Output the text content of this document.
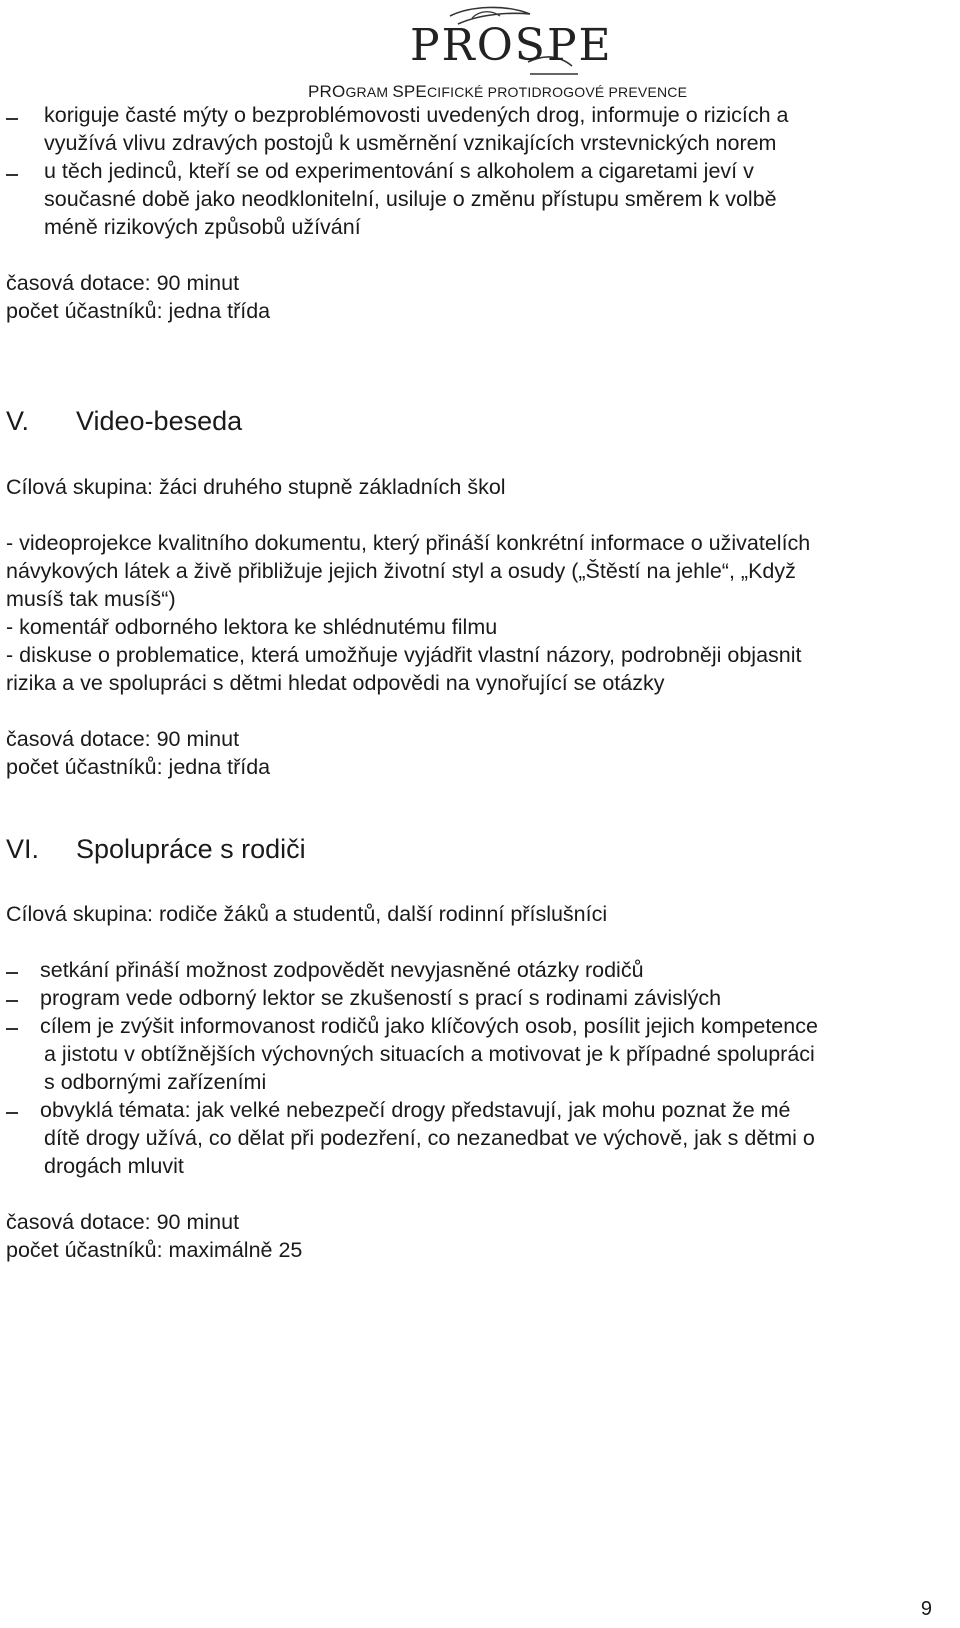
PROSPE
PROGRAM SPECIFICKÉ PROTIDROGOVÉ PREVENCE
koriguje časté mýty o bezproblémovosti uvedených drog, informuje o rizicích a
využívá vlivu zdravých postojů k usměrnění vznikajících vrstevnických norem
u těch jedinců, kteří se od experimentování s alkoholem a cigaretami jeví v
současné době jako neodklonitelní, usiluje o změnu přístupu směrem k volbě
méně rizikových způsobů užívání
časová dotace: 90 minut
počet účastníků: jedna třída
V. Video-beseda
Cílová skupina: žáci druhého stupně základních škol
- videoprojekce kvalitního dokumentu, který přináší konkrétní informace o uživatelích
návykových látek a živě přibližuje jejich životní styl a osudy („Štěstí na jehle“, „Když
musíš tak musíš“)
- komentář odborného lektora ke shlédnutému filmu
- diskuse o problematice, která umožňuje vyjádřit vlastní názory, podrobněji objasnit
rizika a ve spolupráci s dětmi hledat odpovědi na vynořující se otázky
časová dotace: 90 minut
počet účastníků: jedna třída
VI. Spolupráce s rodiči
Cílová skupina: rodiče žáků a studentů, další rodinní příslušníci
setkání přináší možnost zodpovědět nevyjasněné otázky rodičů
program vede odborný lektor se zkušeností s prací s rodinami závislých
cílem je zvýšit informovanost rodičů jako klíčových osob, posílit jejich kompetence
a jistotu v obtížnějších výchovných situacích a motivovat je k případné spolupráci
s odbornými zařízeními
obvyklá témata: jak velké nebezpečí drogy představují, jak mohu poznat že mé
dítě drogy užívá, co dělat při podezření, co nezanedbat ve výchově, jak s dětmi o
drogách mluvit
časová dotace: 90 minut
počet účastníků: maximálně 25
9
